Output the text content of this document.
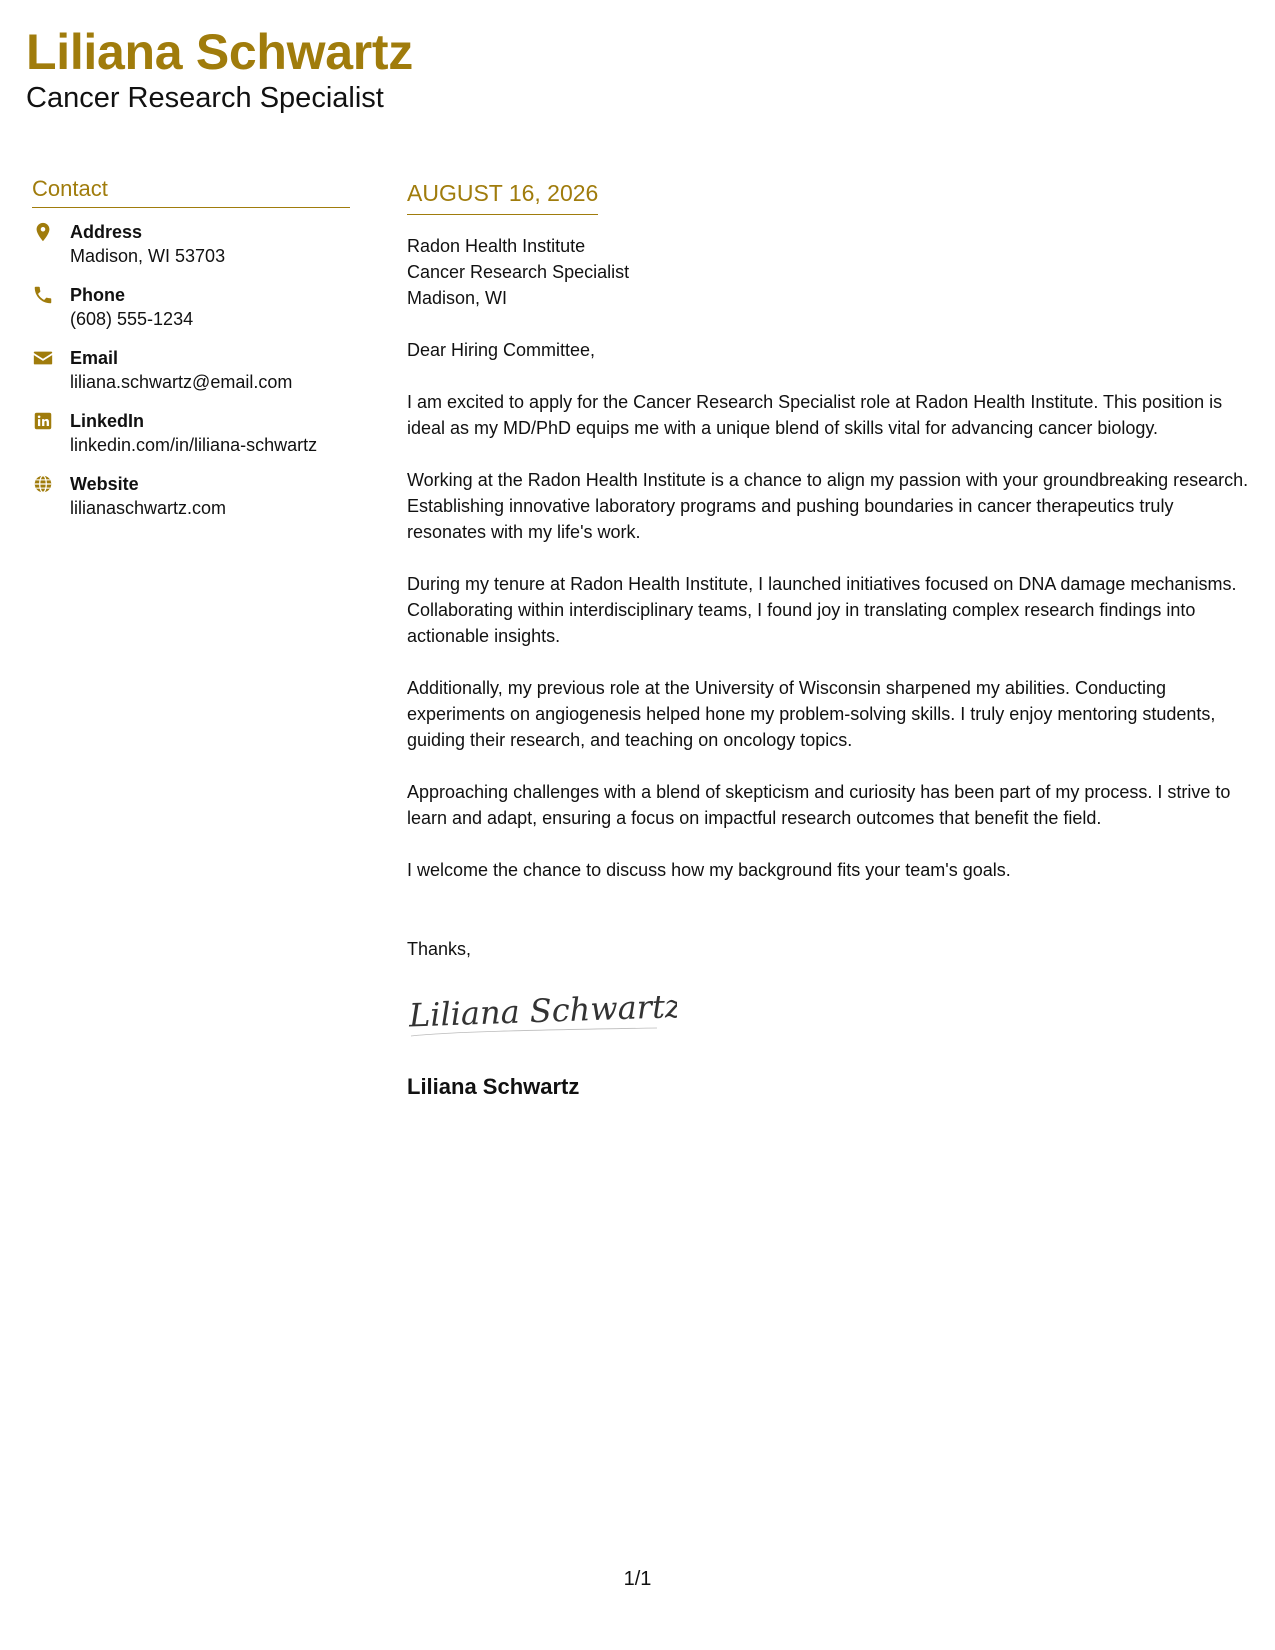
Liliana Schwartz

Cancer Research Specialist

Contact
Address
Madison, WI 53703
Phone
(608) 555-1234
Email
liliana.schwartz@email.com
LinkedIn
linkedin.com/in/liliana-schwartz
Website
lilianaschwartz.com
AUGUST 16, 2026
Radon Health Institute
Cancer Research Specialist
Madison, WI
Dear Hiring Committee,
I am excited to apply for the Cancer Research Specialist role at Radon Health Institute. This position is ideal as my MD/PhD equips me with a unique blend of skills vital for advancing cancer biology.
Working at the Radon Health Institute is a chance to align my passion with your groundbreaking research. Establishing innovative laboratory programs and pushing boundaries in cancer therapeutics truly resonates with my life's work.
During my tenure at Radon Health Institute, I launched initiatives focused on DNA damage mechanisms. Collaborating within interdisciplinary teams, I found joy in translating complex research findings into actionable insights.
Additionally, my previous role at the University of Wisconsin sharpened my abilities. Conducting experiments on angiogenesis helped hone my problem-solving skills. I truly enjoy mentoring students, guiding their research, and teaching on oncology topics.
Approaching challenges with a blend of skepticism and curiosity has been part of my process. I strive to learn and adapt, ensuring a focus on impactful research outcomes that benefit the field.
I welcome the chance to discuss how my background fits your team's goals.
Thanks,
Liliana Schwartz
Liliana Schwartz
1/1
